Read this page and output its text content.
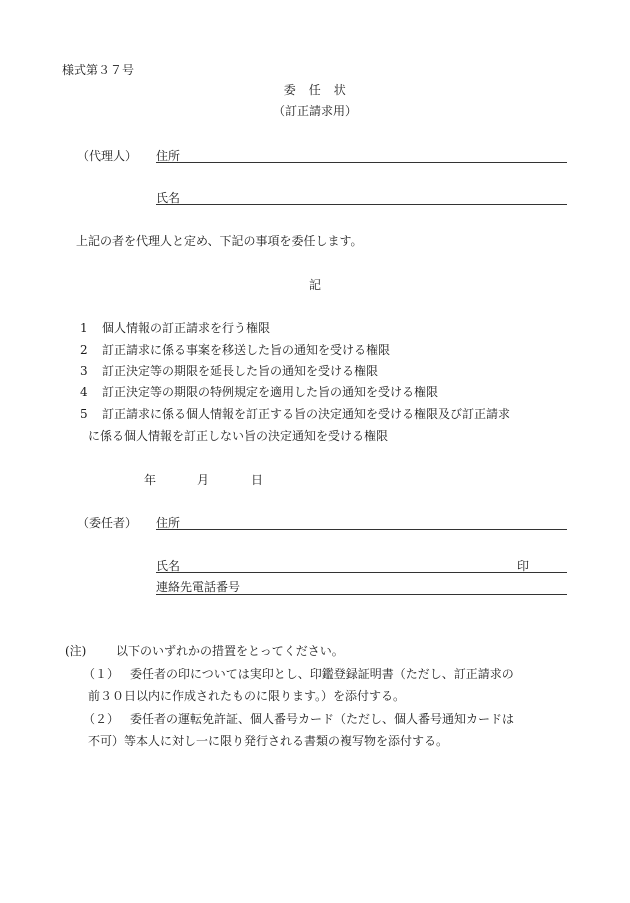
様式第３７号
委　任　状
（訂正請求用）
（代理人） 住所
氏名
上記の者を代理人と定め、下記の事項を委任します。
記
1 個人情報の訂正請求を行う権限
2 訂正請求に係る事案を移送した旨の通知を受ける権限
3 訂正決定等の期限を延長した旨の通知を受ける権限
4 訂正決定等の期限の特例規定を適用した旨の通知を受ける権限
5 訂正請求に係る個人情報を訂正する旨の決定通知を受ける権限及び訂正請求
に係る個人情報を訂正しない旨の決定通知を受ける権限
年	月	日
（委任者） 住所
氏名	印
連絡先電話番号
(注) 以下のいずれかの措置をとってください。
（１） 委任者の印については実印とし、印鑑登録証明書（ただし、訂正請求の
前３０日以内に作成されたものに限ります。）を添付する。
（２） 委任者の運転免許証、個人番号カード（ただし、個人番号通知カードは
不可）等本人に対し一に限り発行される書類の複写物を添付する。
